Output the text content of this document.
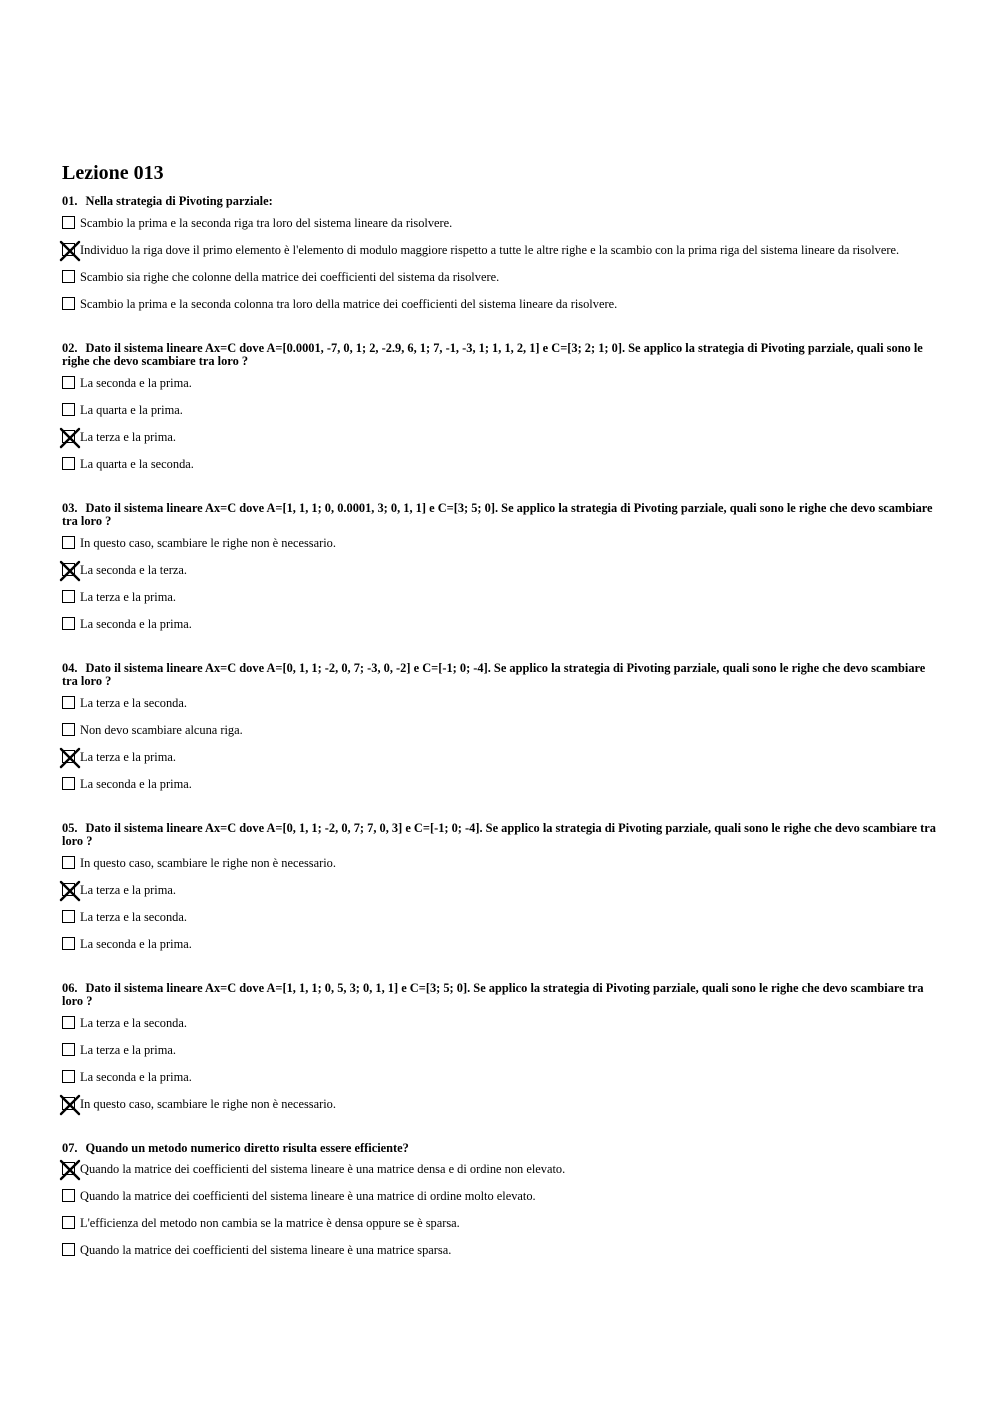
Lezione 013
01. Nella strategia di Pivoting parziale:
Scambio la prima e la seconda riga tra loro del sistema lineare da risolvere.
Individuo la riga dove il primo elemento è l'elemento di modulo maggiore rispetto a tutte le altre righe e la scambio con la prima riga del sistema lineare da risolvere.
Scambio sia righe che colonne della matrice dei coefficienti del sistema da risolvere.
Scambio la prima e la seconda colonna tra loro della matrice dei coefficienti del sistema lineare da risolvere.
02. Dato il sistema lineare Ax=C dove A=[0.0001, -7, 0, 1; 2, -2.9, 6, 1; 7, -1, -3, 1; 1, 1, 2, 1] e C=[3; 2; 1; 0]. Se applico la strategia di Pivoting parziale, quali sono le righe che devo scambiare tra loro ?
La seconda e la prima.
La quarta e la prima.
La terza e la prima.
La quarta e la seconda.
03. Dato il sistema lineare Ax=C dove A=[1, 1, 1; 0, 0.0001, 3; 0, 1, 1] e C=[3; 5; 0]. Se applico la strategia di Pivoting parziale, quali sono le righe che devo scambiare tra loro ?
In questo caso, scambiare le righe non è necessario.
La seconda e la terza.
La terza e la prima.
La seconda e la prima.
04. Dato il sistema lineare Ax=C dove A=[0, 1, 1; -2, 0, 7; -3, 0, -2] e C=[-1; 0; -4]. Se applico la strategia di Pivoting parziale, quali sono le righe che devo scambiare tra loro ?
La terza e la seconda.
Non devo scambiare alcuna riga.
La terza e la prima.
La seconda e la prima.
05. Dato il sistema lineare Ax=C dove A=[0, 1, 1; -2, 0, 7; 7, 0, 3] e C=[-1; 0; -4]. Se applico la strategia di Pivoting parziale, quali sono le righe che devo scambiare tra loro ?
In questo caso, scambiare le righe non è necessario.
La terza e la prima.
La terza e la seconda.
La seconda e la prima.
06. Dato il sistema lineare Ax=C dove A=[1, 1, 1; 0, 5, 3; 0, 1, 1] e C=[3; 5; 0]. Se applico la strategia di Pivoting parziale, quali sono le righe che devo scambiare tra loro ?
La terza e la seconda.
La terza e la prima.
La seconda e la prima.
In questo caso, scambiare le righe non è necessario.
07. Quando un metodo numerico diretto risulta essere efficiente?
Quando la matrice dei coefficienti del sistema lineare è una matrice densa e di ordine non elevato.
Quando la matrice dei coefficienti del sistema lineare è una matrice di ordine molto elevato.
L'efficienza del metodo non cambia se la matrice è densa oppure se è sparsa.
Quando la matrice dei coefficienti del sistema lineare è una matrice sparsa.
